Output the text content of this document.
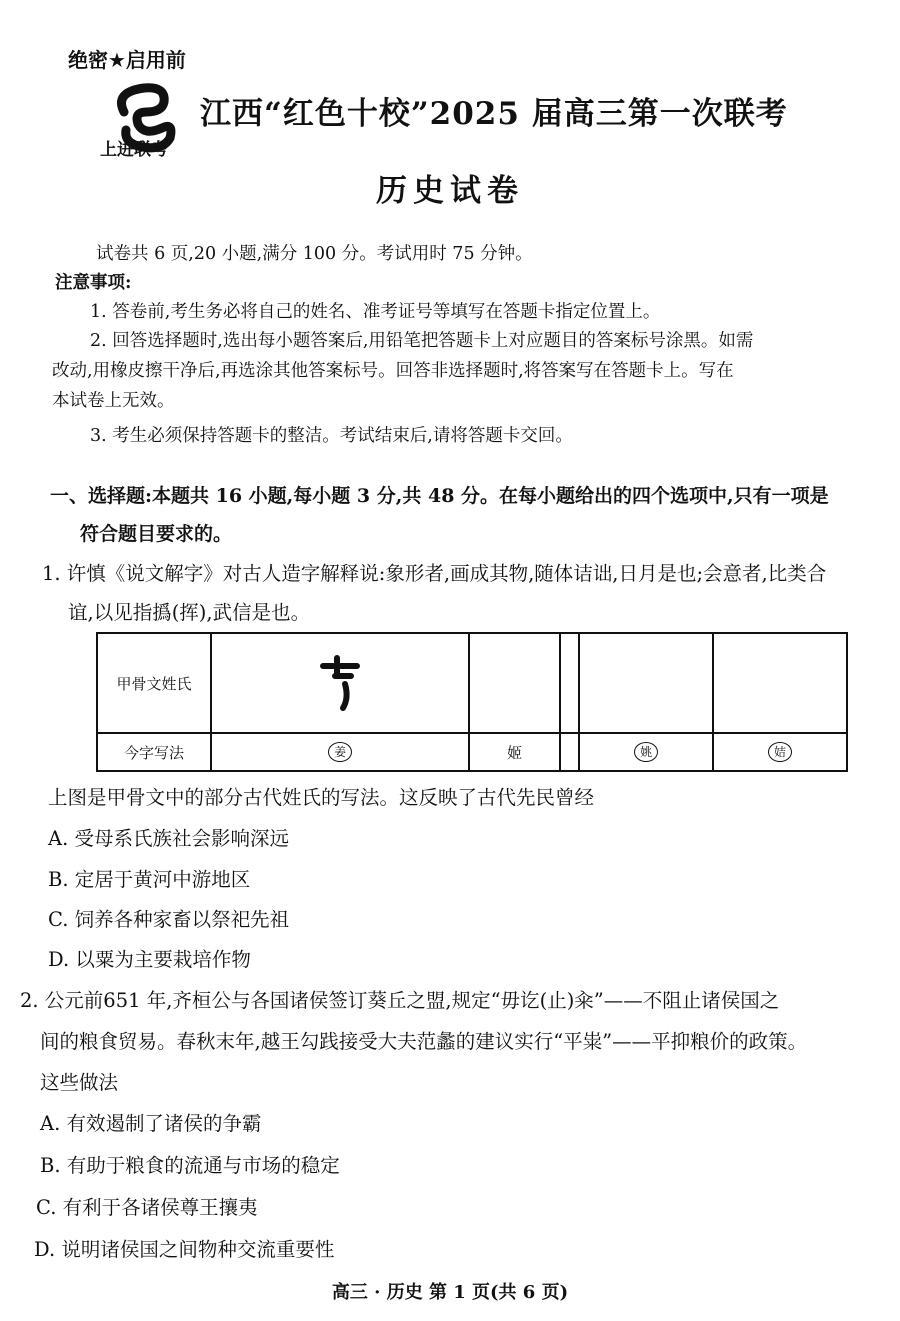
绝密★启用前
上进联考
江西“红色十校”2025 届高三第一次联考
历史试卷
试卷共 6 页,20 小题,满分 100 分。考试用时 75 分钟。
注意事项:
1. 答卷前,考生务必将自己的姓名、准考证号等填写在答题卡指定位置上。
2. 回答选择题时,选出每小题答案后,用铅笔把答题卡上对应题目的答案标号涂黑。如需
改动,用橡皮擦干净后,再选涂其他答案标号。回答非选择题时,将答案写在答题卡上。写在
本试卷上无效。
3. 考生必须保持答题卡的整洁。考试结束后,请将答题卡交回。
一、选择题:本题共 16 小题,每小题 3 分,共 48 分。在每小题给出的四个选项中,只有一项是
符合题目要求的。
1. 许慎《说文解字》对古人造字解释说:象形者,画成其物,随体诘诎,日月是也;会意者,比类合
谊,以见指撝(挥),武信是也。
甲骨文姓氏					
今字写法	姜	姬		姚	姞
上图是甲骨文中的部分古代姓氏的写法。这反映了古代先民曾经
A. 受母系氏族社会影响深远
B. 定居于黄河中游地区
C. 饲养各种家畜以祭祀先祖
D. 以粟为主要栽培作物
2. 公元前651 年,齐桓公与各国诸侯签订葵丘之盟,规定“毋讫(止)籴”——不阻止诸侯国之
间的粮食贸易。春秋末年,越王勾践接受大夫范蠡的建议实行“平粜”——平抑粮价的政策。
这些做法
A. 有效遏制了诸侯的争霸
B. 有助于粮食的流通与市场的稳定
C. 有利于各诸侯尊王攘夷
D. 说明诸侯国之间物种交流重要性
高三 · 历史 第 1 页(共 6 页)
